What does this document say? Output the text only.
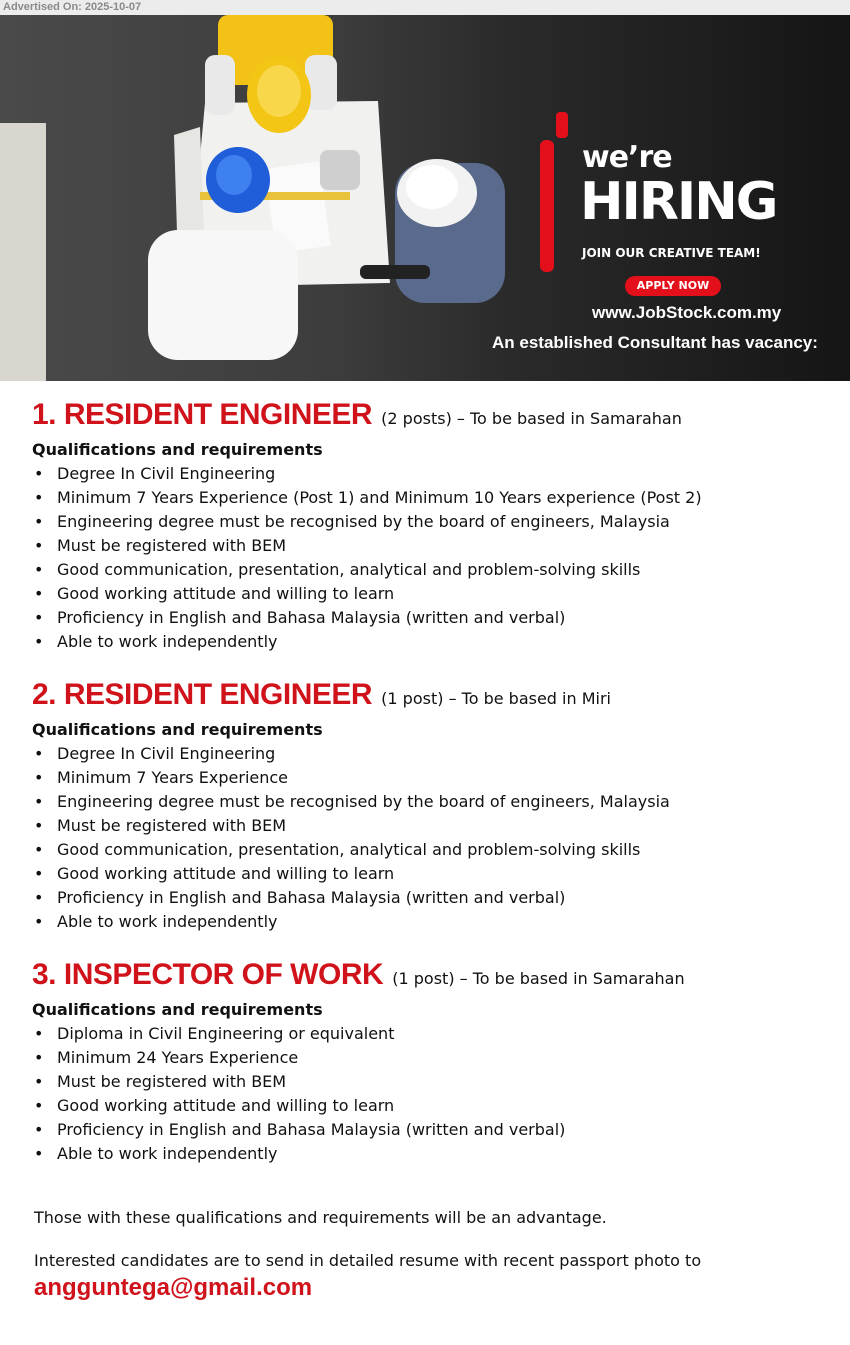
Advertised On: 2025-10-07
we’re
HIRING
JOIN OUR CREATIVE TEAM!
APPLY NOW
www.JobStock.com.my
An established Consultant has vacancy:
1. RESIDENT ENGINEER (2 posts) – To be based in Samarahan
Qualifications and requirements
• Degree In Civil Engineering
• Minimum 7 Years Experience (Post 1) and Minimum 10 Years experience (Post 2)
• Engineering degree must be recognised by the board of engineers, Malaysia
• Must be registered with BEM
• Good communication, presentation, analytical and problem-solving skills
• Good working attitude and willing to learn
• Proficiency in English and Bahasa Malaysia (written and verbal)
• Able to work independently
2. RESIDENT ENGINEER (1 post) – To be based in Miri
Qualifications and requirements
• Degree In Civil Engineering
• Minimum 7 Years Experience
• Engineering degree must be recognised by the board of engineers, Malaysia
• Must be registered with BEM
• Good communication, presentation, analytical and problem-solving skills
• Good working attitude and willing to learn
• Proficiency in English and Bahasa Malaysia (written and verbal)
• Able to work independently
3. INSPECTOR OF WORK (1 post) – To be based in Samarahan
Qualifications and requirements
• Diploma in Civil Engineering or equivalent
• Minimum 24 Years Experience
• Must be registered with BEM
• Good working attitude and willing to learn
• Proficiency in English and Bahasa Malaysia (written and verbal)
• Able to work independently
Those with these qualifications and requirements will be an advantage.
Interested candidates are to send in detailed resume with recent passport photo to
angguntega@gmail.com
